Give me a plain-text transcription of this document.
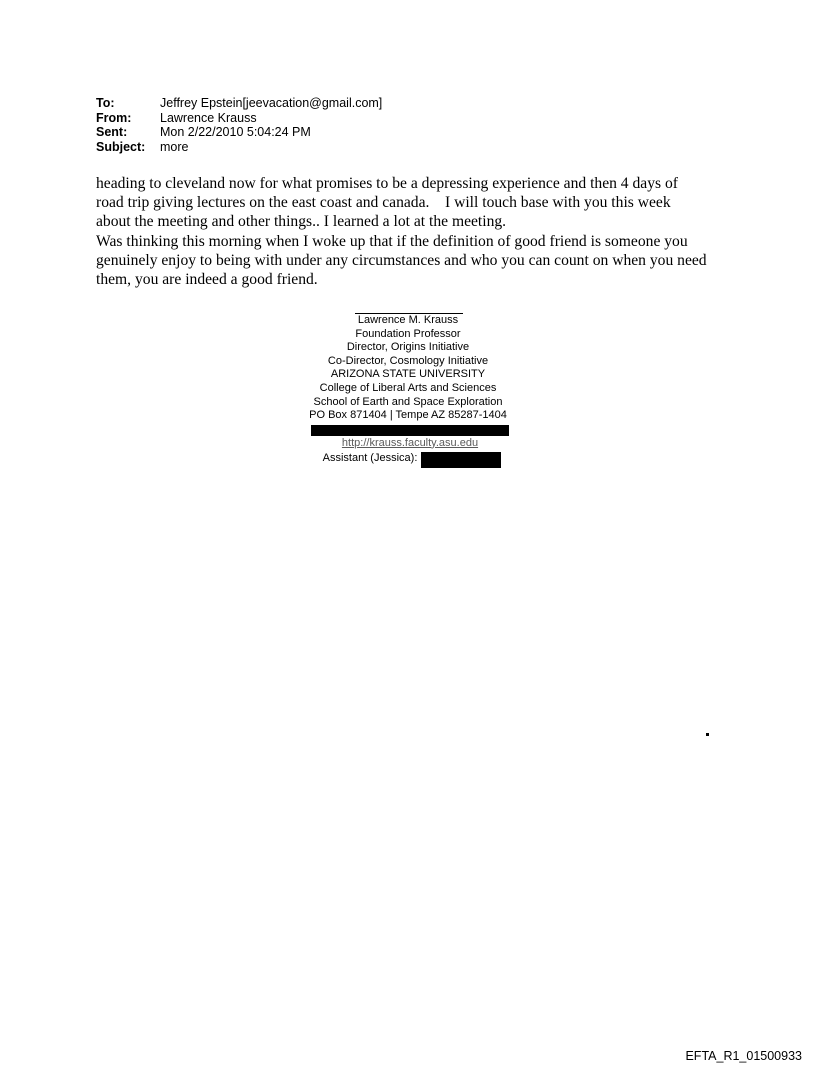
To:	Jeffrey Epstein[jeevacation@gmail.com]
From:	Lawrence Krauss
Sent:	Mon 2/22/2010 5:04:24 PM
Subject:	more

heading to cleveland now for what promises to be a depressing experience and then 4 days of

road trip giving lectures on the east coast and canada.    I will touch base with you this week

about the meeting and other things.. I learned a lot at the meeting.

Was thinking this morning when I woke up that if the definition of good friend is someone you

genuinely enjoy to being with under any circumstances and who you can count on when you need

them, you are indeed a good friend.

Lawrence M. Krauss
Foundation Professor
Director, Origins Initiative
Co-Director, Cosmology Initiative
ARIZONA STATE UNIVERSITY
College of Liberal Arts and Sciences
School of Earth and Space Exploration
PO Box 871404 | Tempe AZ 85287-1404
http://krauss.faculty.asu.edu
Assistant (Jessica):
EFTA_R1_01500933
